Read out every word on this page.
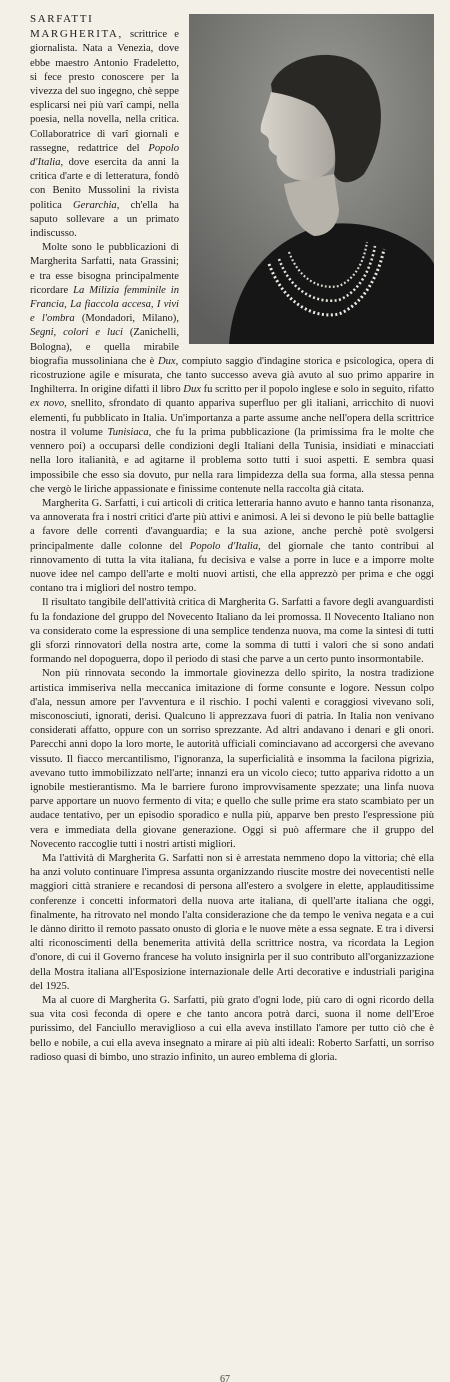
SARFATTI MARGHERITA, scrittrice e giornalista. Nata a Venezia, dove ebbe maestro Antonio Fradeletto, si fece presto conoscere per la vivezza del suo ingegno, chè seppe esplicarsi nei più varî campi, nella poesia, nella novella, nella critica. Collaboratrice di varî giornali e rassegne, redattrice del Popolo d'Italia, dove esercita da anni la critica d'arte e di letteratura, fondò con Benito Mussolini la rivista politica Gerarchia, ch'ella ha saputo sollevare a un primato indiscusso.

Molte sono le pubblicazioni di Margherita Sarfatti, nata Grassini; e tra esse bisogna principalmente ricordare La Milizia femminile in Francia, La fiaccola accesa, I vivi e l'ombra (Mondadori, Milano), Segni, colori e luci (Zanichelli, Bologna), e quella mirabile biografia mussoliniana che è Dux, compiuto saggio d'indagine storica e psicologica, opera di ricostruzione agile e misurata, che tanto successo aveva già avuto al suo primo apparire in Inghilterra. In origine difatti il libro Dux fu scritto per il popolo inglese e solo in seguito, rifatto ex novo, snellito, sfrondato di quanto appariva superfluo per gli italiani, arricchito di nuovi elementi, fu pubblicato in Italia. Un'importanza a parte assume anche nell'opera della scrittrice nostra il volume Tunisiaca, che fu la prima pubblicazione (la primissima fra le molte che vennero poi) a occuparsi delle condizioni degli Italiani della Tunisia, insidiati e minacciati nella loro italianità, e ad agitarne il problema sotto tutti i suoi aspetti. E sembra quasi impossibile che esso sia dovuto, pur nella rara limpidezza della sua forma, alla stessa penna che vergò le liriche appassionate e finissime contenute nella raccolta già citata.

Margherita G. Sarfatti, i cui articoli di critica letteraria hanno avuto e hanno tanta risonanza, va annoverata fra i nostri critici d'arte più attivi e animosi. A lei si devono le più belle battaglie a favore delle correnti d'avanguardia; e la sua azione, anche perchè potè svolgersi principalmente dalle colonne del Popolo d'Italia, del giornale che tanto contribuì al rinnovamento di tutta la vita italiana, fu decisiva e valse a porre in luce e a imporre molte nuove idee nel campo dell'arte e molti nuovi artisti, che ella apprezzò per prima e che oggi contano tra i migliori del nostro tempo.

Il risultato tangibile dell'attività critica di Margherita G. Sarfatti a favore degli avanguardisti fu la fondazione del gruppo del Novecento Italiano da lei promossa. Il Novecento Italiano non va considerato come la espressione di una semplice tendenza nuova, ma come la sintesi di tutti gli sforzi rinnovatori della nostra arte, come la somma di tutti i valori che si sono andati formando nel dopoguerra, dopo il periodo di stasi che parve a un certo punto insormontabile.

Non più rinnovata secondo la immortale giovinezza dello spirito, la nostra tradizione artistica immiseriva nella meccanica imitazione di forme consunte e logore. Nessun colpo d'ala, nessun amore per l'avventura e il rischio. I pochi valenti e coraggiosi vivevano soli, misconosciuti, ignorati, derisi. Qualcuno li apprezzava fuori di patria. In Italia non venivano considerati affatto, oppure con un sorriso sprezzante. Ad altri andavano i denari e gli onori. Parecchi anni dopo la loro morte, le autorità ufficiali cominciavano ad accorgersi che avevano vissuto. Il fiacco mercantilismo, l'ignoranza, la superficialità e insomma la facilona pigrizia, avevano tutto immobilizzato nell'arte; innanzi era un vicolo cieco; tutto appariva ridotto a un ignobile mestierantismo. Ma le barriere furono improvvisamente spezzate; una linfa nuova parve apportare un nuovo fermento di vita; e quello che sulle prime era stato scambiato per un audace tentativo, per un episodio sporadico e nulla più, apparve ben presto l'espressione più vera e immediata della giovane generazione. Oggi si può affermare che il gruppo del Novecento raccoglie tutti i nostri artisti migliori.

Ma l'attività di Margherita G. Sarfatti non si è arrestata nemmeno dopo la vittoria; chè ella ha anzi voluto continuare l'impresa assunta organizzando riuscite mostre dei novecentisti nelle maggiori città straniere e recandosi di persona all'estero a svolgere in elette, applauditissime conferenze i concetti informatori della nuova arte italiana, di quell'arte italiana che oggi, finalmente, ha ritrovato nel mondo l'alta considerazione che da tempo le veniva negata e a cui le dànno diritto il remoto passato onusto di gloria e le nuove mète a essa segnate. E tra i diversi alti riconoscimenti della benemerita attività della scrittrice nostra, va ricordata la Legion d'onore, di cui il Governo francese ha voluto insignirla per il suo contributo all'organizzazione della Mostra italiana all'Esposizione internazionale delle Arti decorative e industriali parigina del 1925.

Ma al cuore di Margherita G. Sarfatti, più grato d'ogni lode, più caro di ogni ricordo della sua vita così feconda di opere e che tanto ancora potrà darci, suona il nome dell'Eroe purissimo, del Fanciullo meraviglioso a cui ella aveva instillato l'amore per tutto ciò che è bello e nobile, a cui ella aveva insegnato a mirare ai più alti ideali: Roberto Sarfatti, un sorriso radioso quasi di bimbo, uno strazio infinito, un aureo emblema di gloria.

67
